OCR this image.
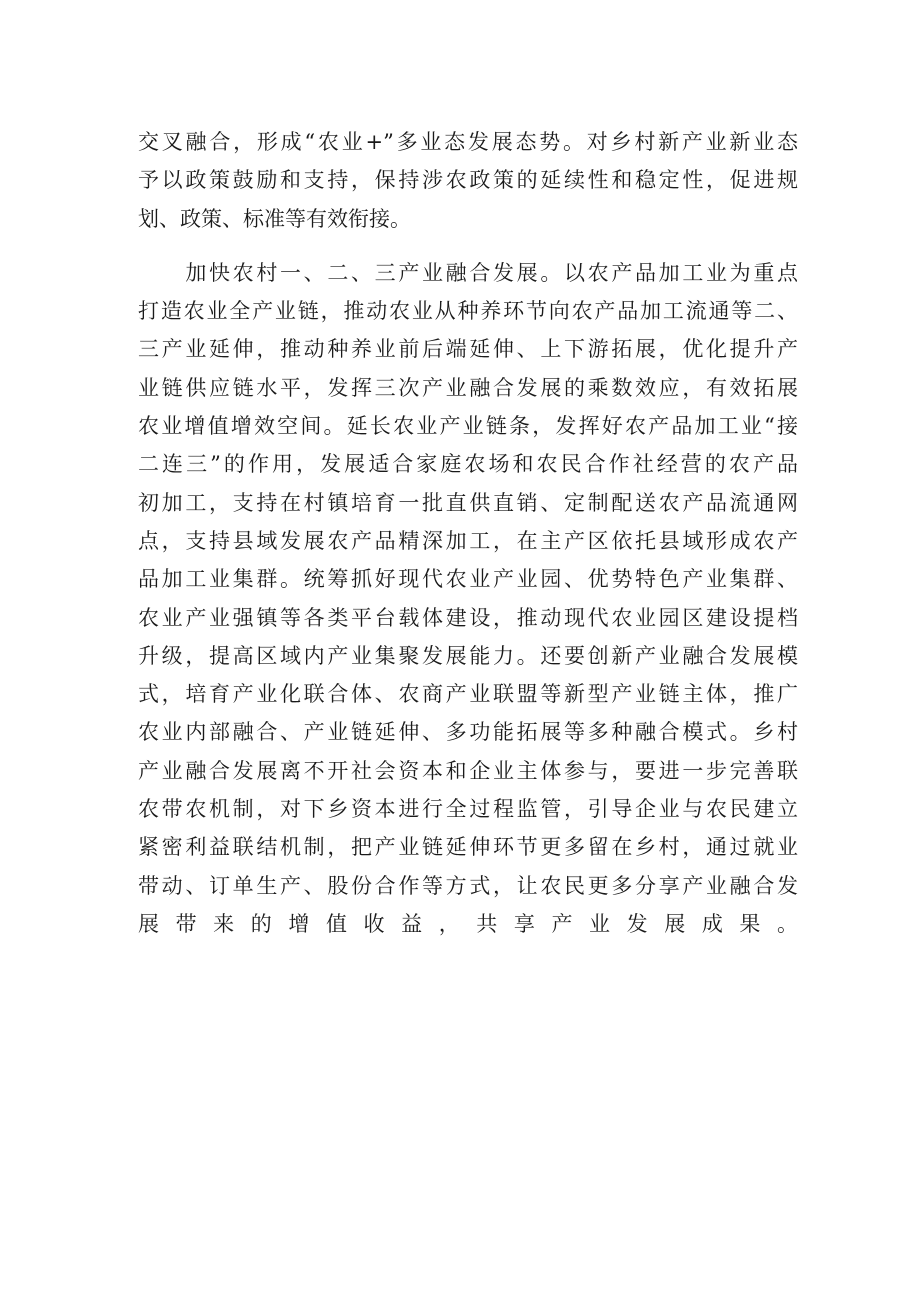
交叉融合，形成“农业+”多业态发展态势。对乡村新产业新业态
予以政策鼓励和支持，保持涉农政策的延续性和稳定性，促进规
划、政策、标准等有效衔接。
　　加快农村一、二、三产业融合发展。以农产品加工业为重点
打造农业全产业链，推动农业从种养环节向农产品加工流通等二、
三产业延伸，推动种养业前后端延伸、上下游拓展，优化提升产
业链供应链水平，发挥三次产业融合发展的乘数效应，有效拓展
农业增值增效空间。延长农业产业链条，发挥好农产品加工业“接
二连三”的作用，发展适合家庭农场和农民合作社经营的农产品
初加工，支持在村镇培育一批直供直销、定制配送农产品流通网
点，支持县域发展农产品精深加工，在主产区依托县域形成农产
品加工业集群。统筹抓好现代农业产业园、优势特色产业集群、
农业产业强镇等各类平台载体建设，推动现代农业园区建设提档
升级，提高区域内产业集聚发展能力。还要创新产业融合发展模
式，培育产业化联合体、农商产业联盟等新型产业链主体，推广
农业内部融合、产业链延伸、多功能拓展等多种融合模式。乡村
产业融合发展离不开社会资本和企业主体参与，要进一步完善联
农带农机制，对下乡资本进行全过程监管，引导企业与农民建立
紧密利益联结机制，把产业链延伸环节更多留在乡村，通过就业
带动、订单生产、股份合作等方式，让农民更多分享产业融合发
展带来的增值收益，共享产业发展成果。
